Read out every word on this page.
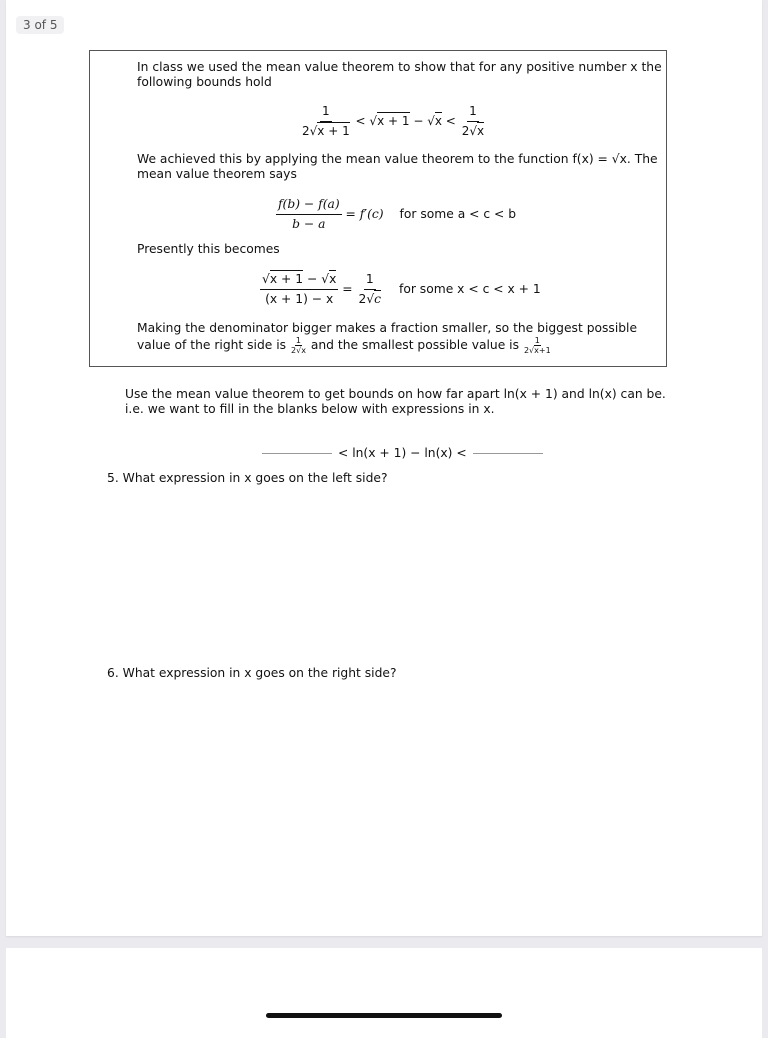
3 of 5
In class we used the mean value theorem to show that for any positive number x the
following bounds hold
$\frac{1}{2√x + 1} < √x + 1 - √x < \frac{1}{2√x}$
We achieved this by applying the mean value theorem to the function f(x) = √x. The
mean value theorem says
$\frac{f(b) - f(a)}{b - a} = f'(c)$ for some a < c < b
Presently this becomes
$\frac{√x + 1 - √x}{(x + 1) - x} = \frac{1}{2√c}$ for some x < c < x + 1
Making the denominator bigger makes a fraction smaller, so the biggest possible
value of the right side is $\frac{1}{2√x}$ and the smallest possible value is $\frac{1}{2√x+1}$
Use the mean value theorem to get bounds on how far apart ln(x + 1) and ln(x) can be.
i.e. we want to fill in the blanks below with expressions in x.
< ln(x + 1) − ln(x) <
5. What expression in x goes on the left side?
6. What expression in x goes on the right side?
